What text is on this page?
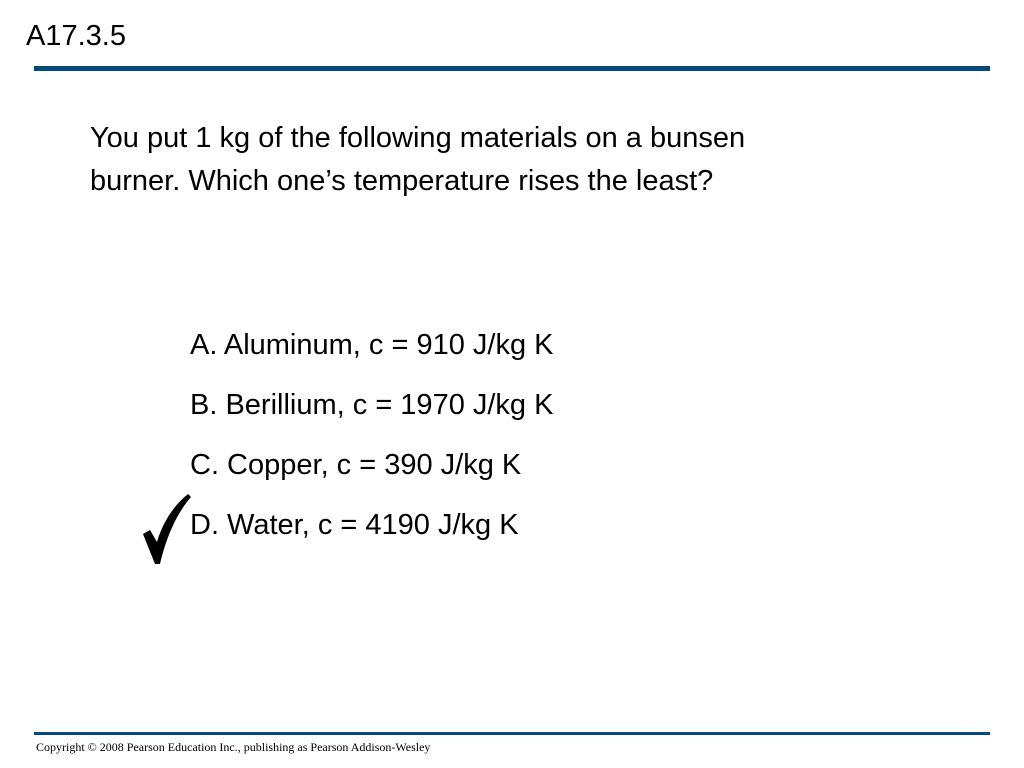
A17.3.5
You put 1 kg of the following materials on a bunsen
burner. Which one’s temperature rises the least?
A. Aluminum, c = 910 J/kg K
B. Berillium, c = 1970 J/kg K
C. Copper, c = 390 J/kg K
D. Water, c = 4190 J/kg K
Copyright © 2008 Pearson Education Inc., publishing as Pearson Addison-Wesley
